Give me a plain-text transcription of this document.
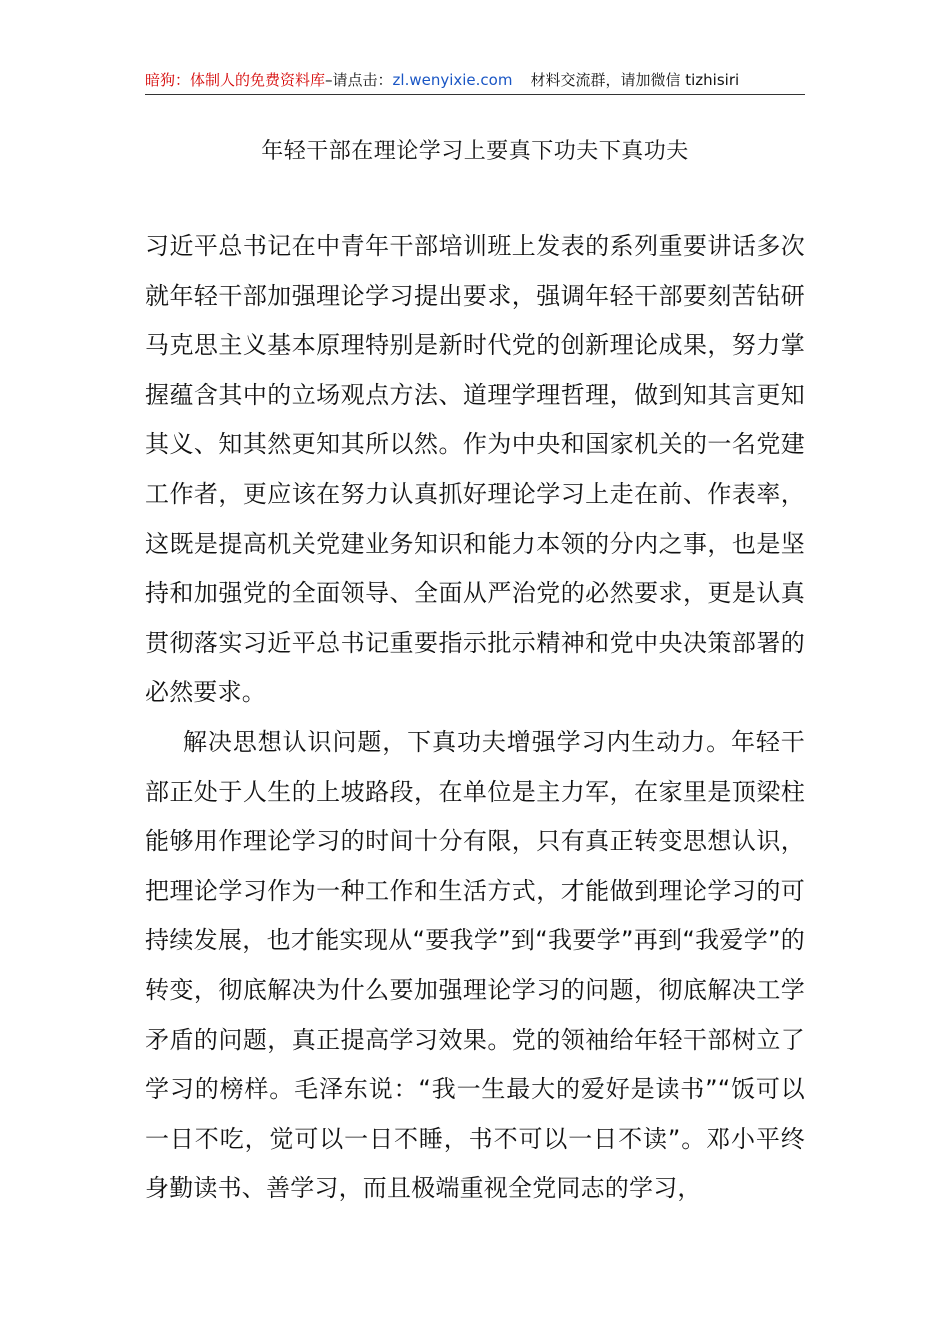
暗狗：体制人的免费资料库–请点击：zl.wenyixie.com 材料交流群，请加微信 tizhisiri
年轻干部在理论学习上要真下功夫下真功夫

习近平总书记在中青年干部培训班上发表的系列重要讲话多次就年轻干部加强理论学习提出要求，强调年轻干部要刻苦钻研马克思主义基本原理特别是新时代党的创新理论成果，努力掌握蕴含其中的立场观点方法、道理学理哲理，做到知其言更知其义、知其然更知其所以然。作为中央和国家机关的一名党建工作者，更应该在努力认真抓好理论学习上走在前、作表率，这既是提高机关党建业务知识和能力本领的分内之事，也是坚持和加强党的全面领导、全面从严治党的必然要求，更是认真贯彻落实习近平总书记重要指示批示精神和党中央决策部署的必然要求。

解决思想认识问题，下真功夫增强学习内生动力。年轻干部正处于人生的上坡路段，在单位是主力军，在家里是顶梁柱能够用作理论学习的时间十分有限，只有真正转变思想认识，把理论学习作为一种工作和生活方式，才能做到理论学习的可持续发展，也才能实现从“要我学”到“我要学”再到“我爱学”的转变，彻底解决为什么要加强理论学习的问题，彻底解决工学矛盾的问题，真正提高学习效果。党的领袖给年轻干部树立了学习的榜样。毛泽东说：“我一生最大的爱好是读书”“饭可以一日不吃，觉可以一日不睡，书不可以一日不读”。邓小平终身勤读书、善学习，而且极端重视全党同志的学习，
